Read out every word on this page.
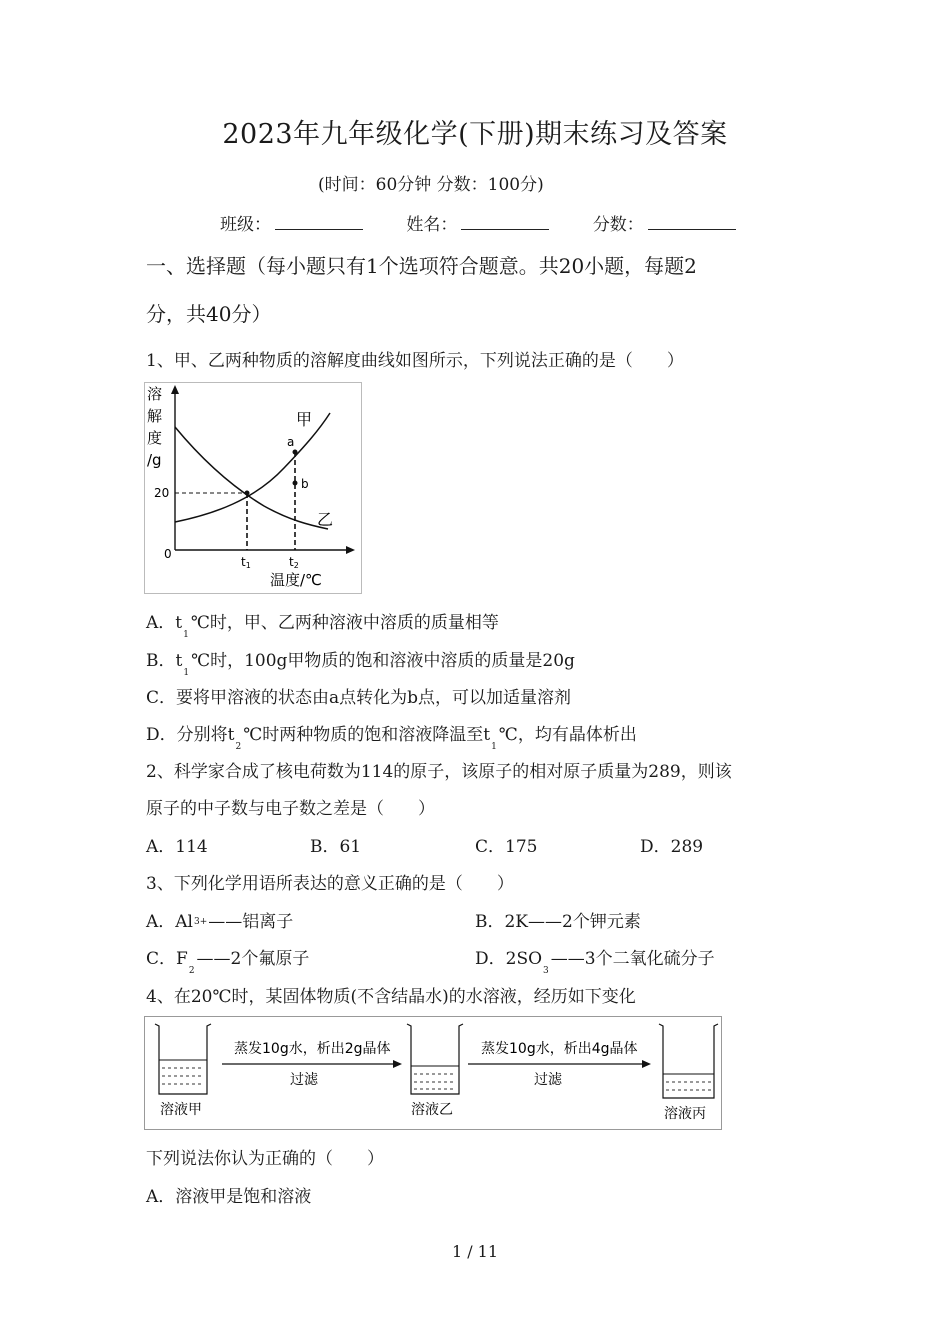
2023年九年级化学(下册)期末练习及答案
(时间：60分钟 分数：100分)
班级：	姓名：	分数：
一、选择题（每小题只有1个选项符合题意。共20小题，每题2
分，共40分）
1、甲、乙两种物质的溶解度曲线如图所示，下列说法正确的是（　　）
溶
解
度
/g
0
20
a
b
甲
乙
t1	t2
温度/℃
A．$t_1℃$时，甲、乙两种溶液中溶质的质量相等
B．$t_1℃$时，100g甲物质的饱和溶液中溶质的质量是20g
C．要将甲溶液的状态由a点转化为b点，可以加适量溶剂
D．分别将$t_2℃$时两种物质的饱和溶液降温至$t_1℃$，均有晶体析出
2、科学家合成了核电荷数为114的原子，该原子的相对原子质量为289，则该
原子的中子数与电子数之差是（　　）
A．114	B．61	C．175	D．289
3、下列化学用语所表达的意义正确的是（　　）
A．Al3+——铝离子	B．2K——2个钾元素
C．$F_2——2$个氟原子	D．$2SO_3——3$个二氧化硫分子
4、在20℃时，某固体物质(不含结晶水)的水溶液，经历如下变化
溶液甲
蒸发10g水，析出2g晶体
过滤
溶液乙
蒸发10g水，析出4g晶体
过滤
溶液丙
下列说法你认为正确的（　　）
A．溶液甲是饱和溶液
1 / 11
